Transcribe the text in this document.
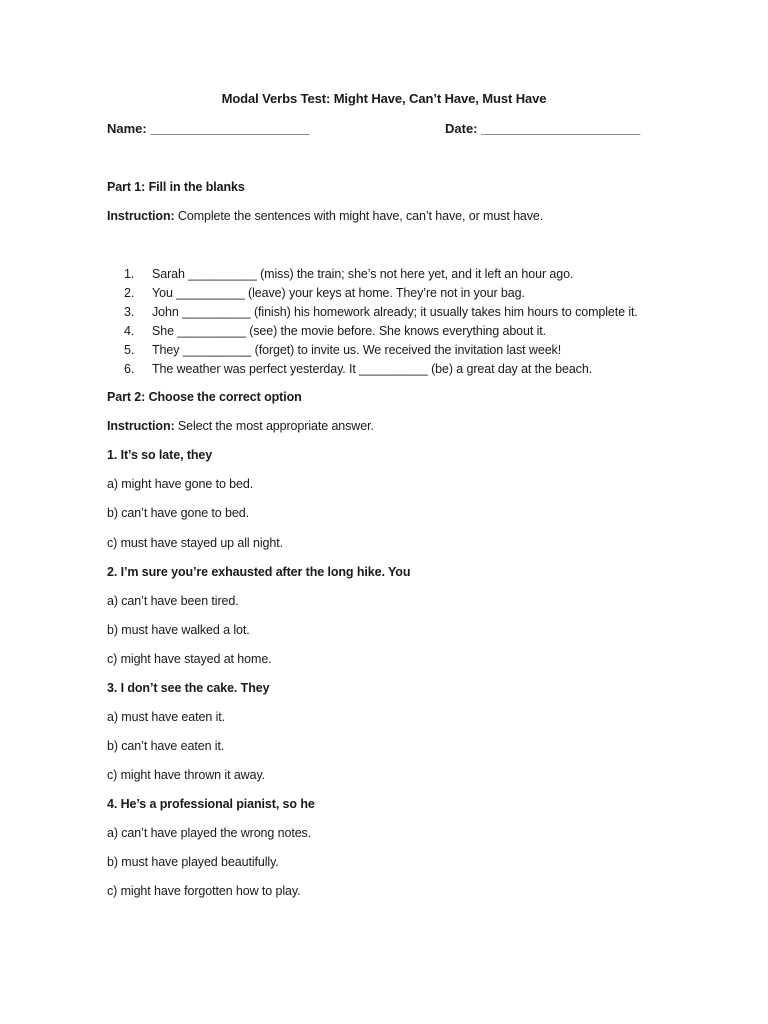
Modal Verbs Test: Might Have, Can’t Have, Must Have
Name: ______________________	Date: ______________________
Part 1: Fill in the blanks
Instruction: Complete the sentences with might have, can’t have, or must have.
1.	Sarah __________ (miss) the train; she’s not here yet, and it left an hour ago.
2.	You __________ (leave) your keys at home. They’re not in your bag.
3.	John __________ (finish) his homework already; it usually takes him hours to complete it.
4.	She __________ (see) the movie before. She knows everything about it.
5.	They __________ (forget) to invite us. We received the invitation last week!
6.	The weather was perfect yesterday. It __________ (be) a great day at the beach.
Part 2: Choose the correct option
Instruction: Select the most appropriate answer.
1. It’s so late, they
a) might have gone to bed.
b) can’t have gone to bed.
c) must have stayed up all night.
2. I’m sure you’re exhausted after the long hike. You
a) can’t have been tired.
b) must have walked a lot.
c) might have stayed at home.
3. I don’t see the cake. They
a) must have eaten it.
b) can’t have eaten it.
c) might have thrown it away.
4. He’s a professional pianist, so he
a) can’t have played the wrong notes.
b) must have played beautifully.
c) might have forgotten how to play.
